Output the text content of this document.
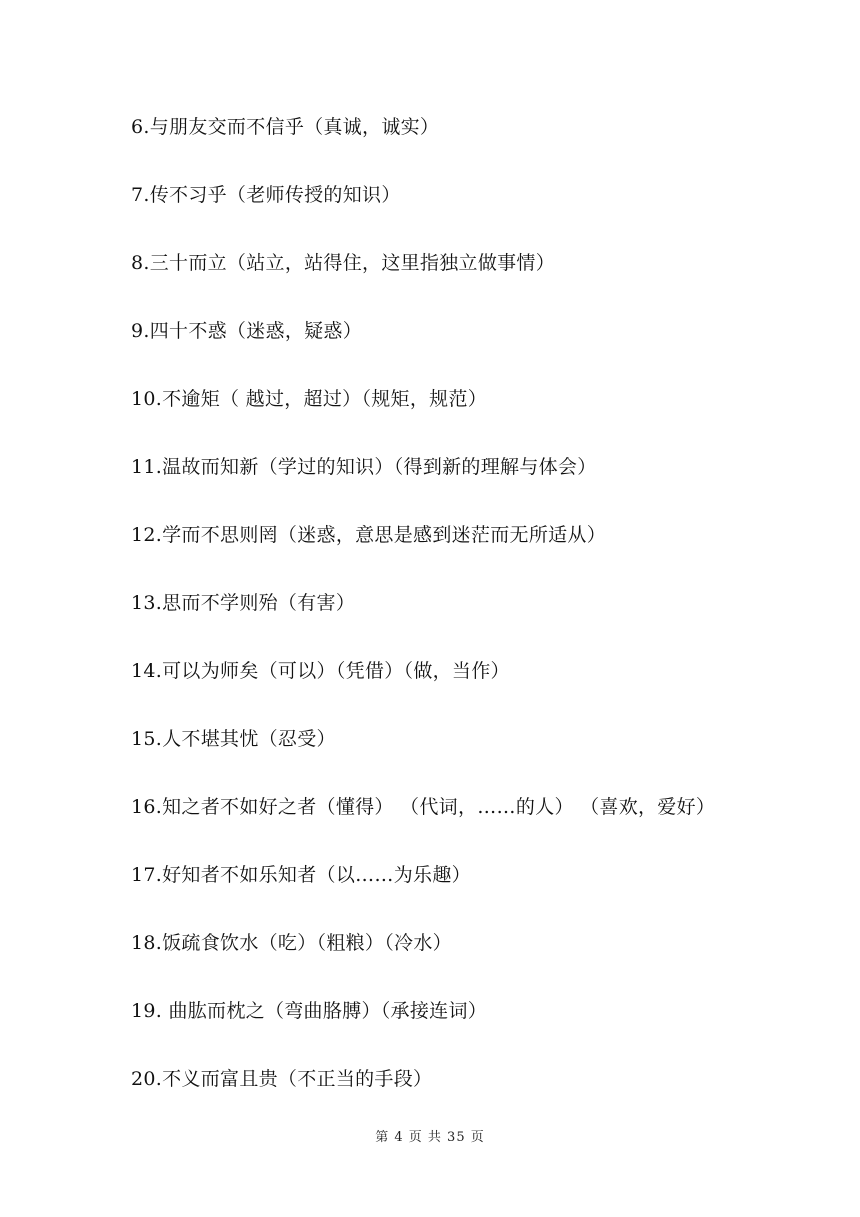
6.与朋友交而不信乎（真诚，诚实）
7.传不习乎（老师传授的知识）
8.三十而立（站立，站得住，这里指独立做事情）
9.四十不惑（迷惑，疑惑）
10.不逾矩（ 越过，超过）（规矩，规范）
11.温故而知新（学过的知识）（得到新的理解与体会）
12.学而不思则罔（迷惑，意思是感到迷茫而无所适从）
13.思而不学则殆（有害）
14.可以为师矣（可以）（凭借）（做，当作）
15.人不堪其忧（忍受）
16.知之者不如好之者（懂得） （代词，……的人） （喜欢，爱好）
17.好知者不如乐知者（以……为乐趣）
18.饭疏食饮水（吃）（粗粮）（冷水）
19. 曲肱而枕之（弯曲胳膊）（承接连词）
20.不义而富且贵（不正当的手段）
第 4 页 共 35 页
